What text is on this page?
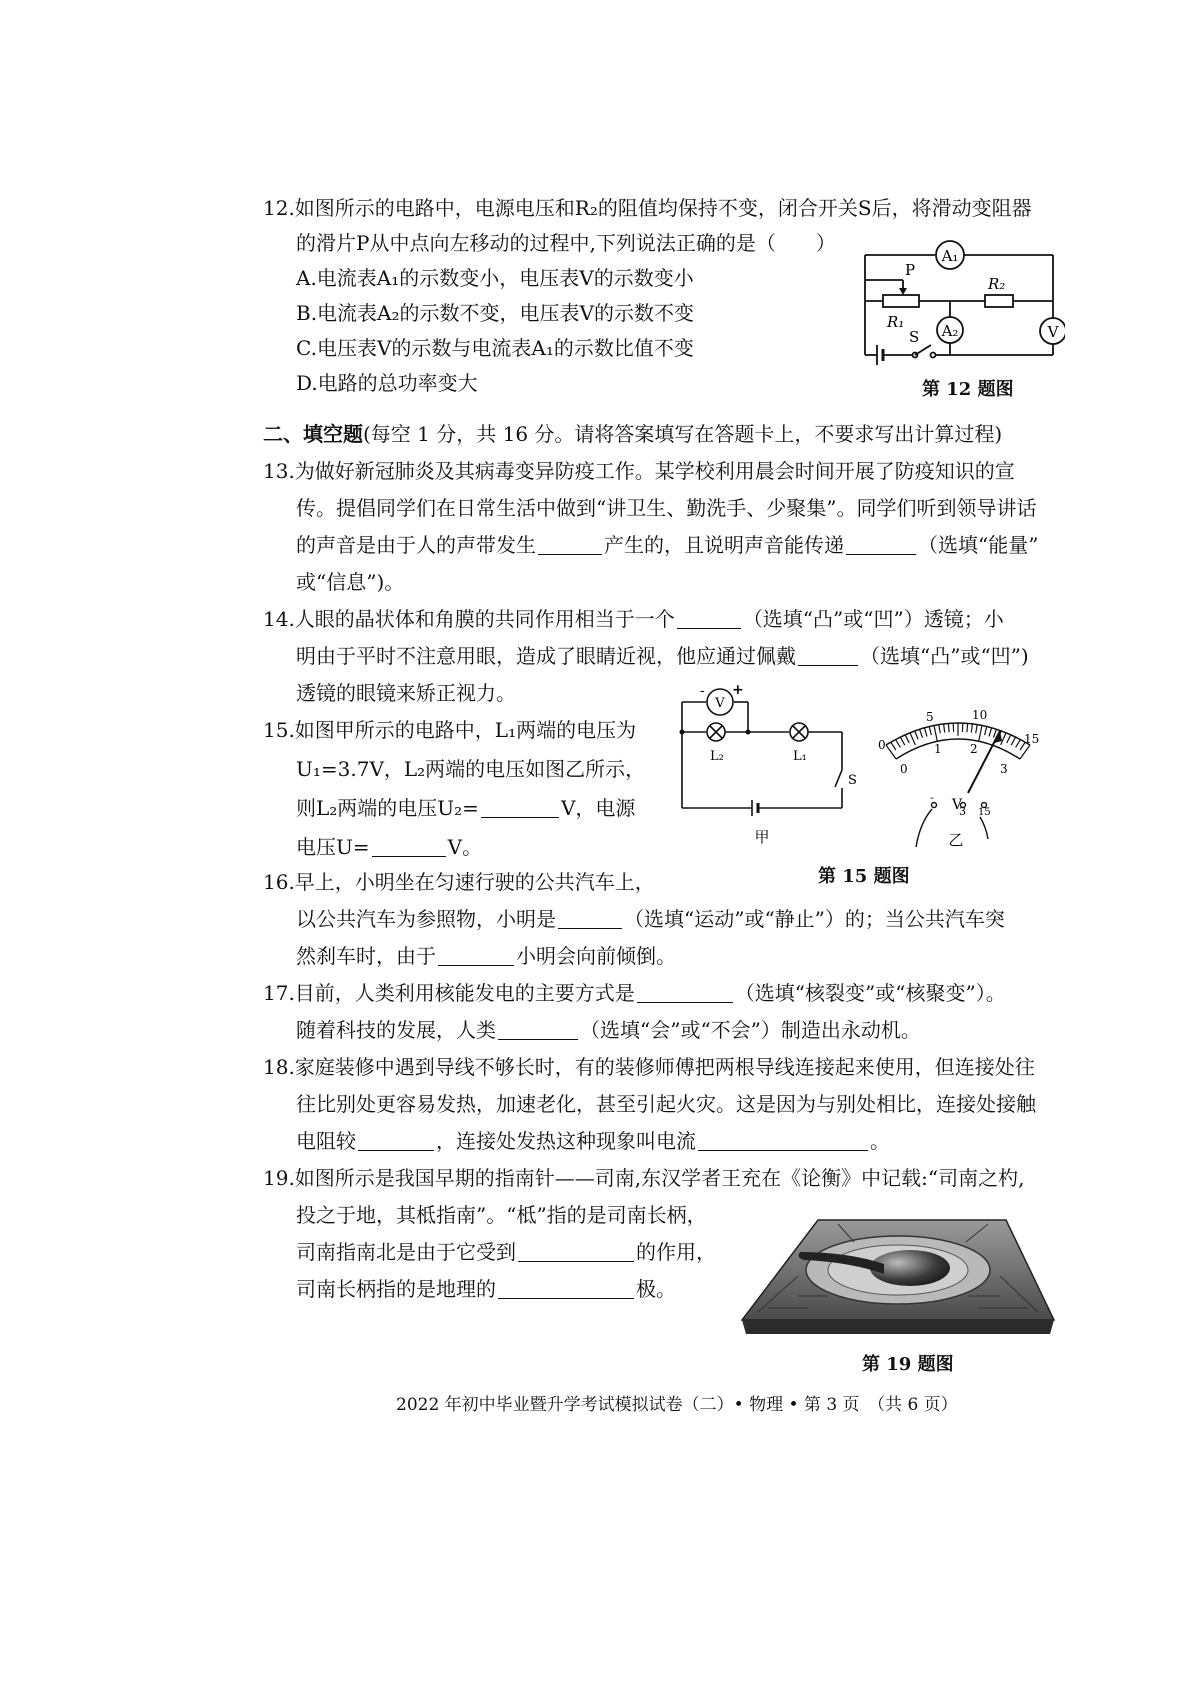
12.如图所示的电路中，电源电压和R₂的阻值均保持不变，闭合开关S后，将滑动变阻器
的滑片P从中点向左移动的过程中,下列说法正确的是（　　）
A.电流表A₁的示数变小，电压表V的示数变小
B.电流表A₂的示数不变，电压表V的示数不变
C.电压表V的示数与电流表A₁的示数比值不变
D.电路的总功率变大
A₁
A₂	V
P
R₁
R₂
S
第 12 题图
二、填空题(每空 1 分，共 16 分。请将答案填写在答题卡上，不要求写出计算过程)
13.为做好新冠肺炎及其病毒变异防疫工作。某学校利用晨会时间开展了防疫知识的宣
传。提倡同学们在日常生活中做到“讲卫生、勤洗手、少聚集”。同学们听到领导讲话
的声音是由于人的声带发生	产生的，且说明声音能传递	（选填“能量”
或“信息”)。
14.人眼的晶状体和角膜的共同作用相当于一个	（选填“凸”或“凹”）透镜；小
明由于平时不注意用眼，造成了眼睛近视，他应通过佩戴	（选填“凸”或“凹”)
透镜的眼镜来矫正视力。
15.如图甲所示的电路中，L₁两端的电压为
U₁=3.7V，L₂两端的电压如图乙所示，
则L₂两端的电压U₂=	V，电源
电压U=	V。
V
- +
L₂	L₁
S
甲
5	10
15
0
0
1 2
3
V
-
3 15
乙
第 15 题图
16.早上，小明坐在匀速行驶的公共汽车上，
以公共汽车为参照物，小明是	（选填“运动”或“静止”）的；当公共汽车突
然刹车时，由于	小明会向前倾倒。
17.目前，人类利用核能发电的主要方式是	（选填“核裂变”或“核聚变”）。
随着科技的发展，人类	（选填“会”或“不会”）制造出永动机。
18.家庭装修中遇到导线不够长时，有的装修师傅把两根导线连接起来使用，但连接处往
往比别处更容易发热，加速老化，甚至引起火灾。这是因为与别处相比，连接处接触
电阻较	，连接处发热这种现象叫电流	。
19.如图所示是我国早期的指南针——司南,东汉学者王充在《论衡》中记载:“司南之杓,
投之于地，其柢指南”。“柢”指的是司南长柄，
司南指南北是由于它受到	的作用，
司南长柄指的是地理的	极。
第 19 题图
2022 年初中毕业暨升学考试模拟试卷（二）• 物理 • 第 3 页　（共 6 页）
